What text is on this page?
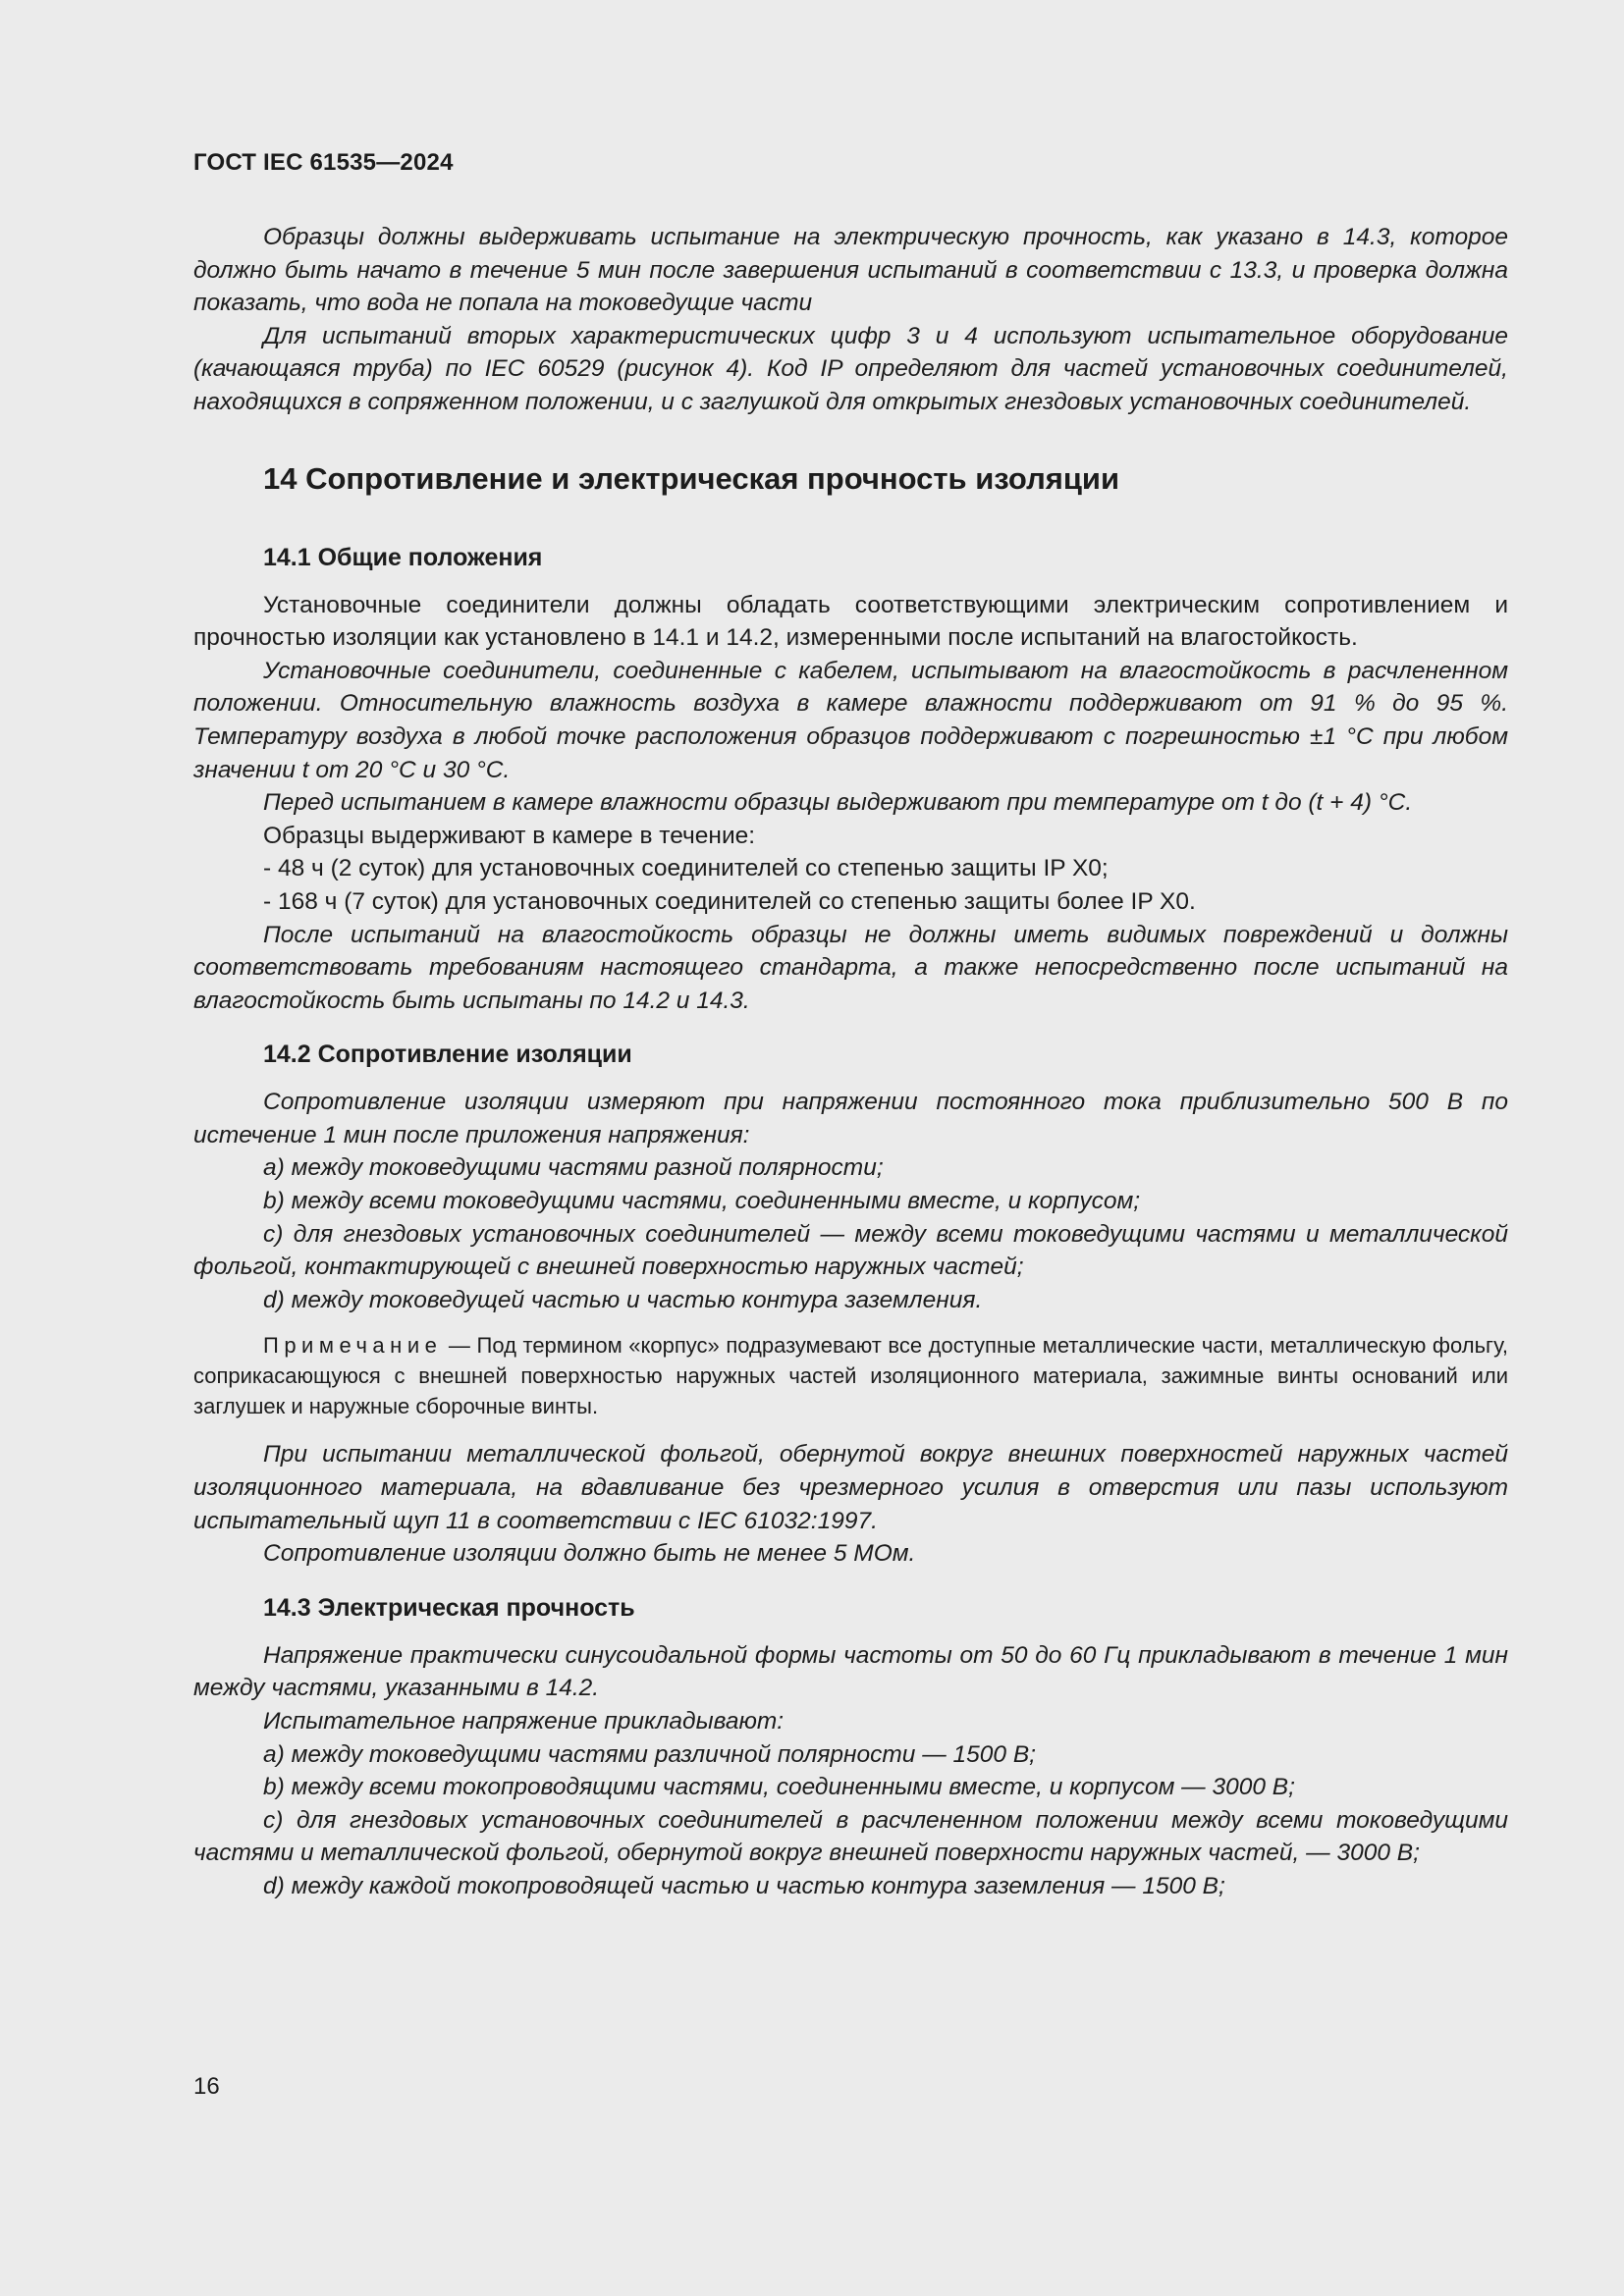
ГОСТ IEC 61535—2024

Образцы должны выдерживать испытание на электрическую прочность, как указано в 14.3, которое должно быть начато в течение 5 мин после завершения испытаний в соответствии с 13.3, и проверка должна показать, что вода не попала на токоведущие части

Для испытаний вторых характеристических цифр 3 и 4 используют испытательное оборудование (качающаяся труба) по IEC 60529 (рисунок 4). Код IP определяют для частей установочных соединителей, находящихся в сопряженном положении, и с заглушкой для открытых гнездовых установочных соединителей.

14 Сопротивление и электрическая прочность изоляции
14.1 Общие положения

Установочные соединители должны обладать соответствующими электрическим сопротивлением и прочностью изоляции как установлено в 14.1 и 14.2, измеренными после испытаний на влагостойкость.

Установочные соединители, соединенные с кабелем, испытывают на влагостойкость в расчлененном положении. Относительную влажность воздуха в камере влажности поддерживают от 91 % до 95 %. Температуру воздуха в любой точке расположения образцов поддерживают с погрешностью ±1 °С при любом значении t от 20 °С и 30 °С.

Перед испытанием в камере влажности образцы выдерживают при температуре от t до (t + 4) °С.

Образцы выдерживают в камере в течение:

- 48 ч (2 суток) для установочных соединителей со степенью защиты IP X0;

- 168 ч (7 суток) для установочных соединителей со степенью защиты более IP X0.

После испытаний на влагостойкость образцы не должны иметь видимых повреждений и должны соответствовать требованиям настоящего стандарта, а также непосредственно после испытаний на влагостойкость быть испытаны по 14.2 и 14.3.

14.2 Сопротивление изоляции

Сопротивление изоляции измеряют при напряжении постоянного тока приблизительно 500 В по истечение 1 мин после приложения напряжения:

a) между токоведущими частями разной полярности;

b) между всеми токоведущими частями, соединенными вместе, и корпусом;

c) для гнездовых установочных соединителей — между всеми токоведущими частями и металлической фольгой, контактирующей с внешней поверхностью наружных частей;

d) между токоведущей частью и частью контура заземления.

Примечание — Под термином «корпус» подразумевают все доступные металлические части, металлическую фольгу, соприкасающуюся с внешней поверхностью наружных частей изоляционного материала, зажимные винты оснований или заглушек и наружные сборочные винты.

При испытании металлической фольгой, обернутой вокруг внешних поверхностей наружных частей изоляционного материала, на вдавливание без чрезмерного усилия в отверстия или пазы используют испытательный щуп 11 в соответствии с IEC 61032:1997.

Сопротивление изоляции должно быть не менее 5 МОм.

14.3 Электрическая прочность

Напряжение практически синусоидальной формы частоты от 50 до 60 Гц прикладывают в течение 1 мин между частями, указанными в 14.2.

Испытательное напряжение прикладывают:

a) между токоведущими частями различной полярности — 1500 В;

b) между всеми токопроводящими частями, соединенными вместе, и корпусом — 3000 В;

c) для гнездовых установочных соединителей в расчлененном положении между всеми токоведущими частями и металлической фольгой, обернутой вокруг внешней поверхности наружных частей, — 3000 В;

d) между каждой токопроводящей частью и частью контура заземления — 1500 В;

16
